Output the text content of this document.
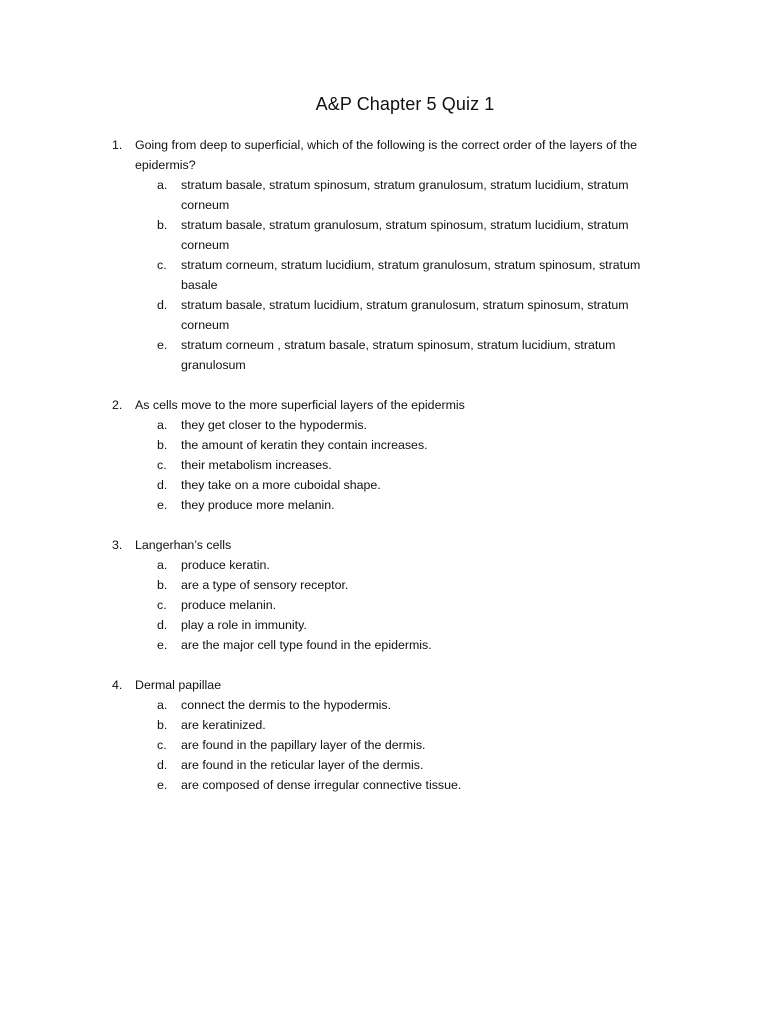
A&P Chapter 5 Quiz 1
1.	Going from deep to superficial, which of the following is the correct order of the layers of the epidermis?
a.	stratum basale, stratum spinosum, stratum granulosum, stratum lucidium, stratum corneum
b.	stratum basale, stratum granulosum, stratum spinosum, stratum lucidium, stratum corneum
c.	stratum corneum, stratum lucidium, stratum granulosum, stratum spinosum, stratum basale
d.	stratum basale, stratum lucidium, stratum granulosum, stratum spinosum, stratum corneum
e.	stratum corneum , stratum basale, stratum spinosum, stratum lucidium, stratum granulosum
2.	As cells move to the more superficial layers of the epidermis
a.	they get closer to the hypodermis.
b.	the amount of keratin they contain increases.
c.	their metabolism increases.
d.	they take on a more cuboidal shape.
e.	they produce more melanin.
3.	Langerhan’s cells
a.	produce keratin.
b.	are a type of sensory receptor.
c.	produce melanin.
d.	play a role in immunity.
e.	are the major cell type found in the epidermis.
4.	Dermal papillae
a.	connect the dermis to the hypodermis.
b.	are keratinized.
c.	are found in the papillary layer of the dermis.
d.	are found in the reticular layer of the dermis.
e.	are composed of dense irregular connective tissue.
